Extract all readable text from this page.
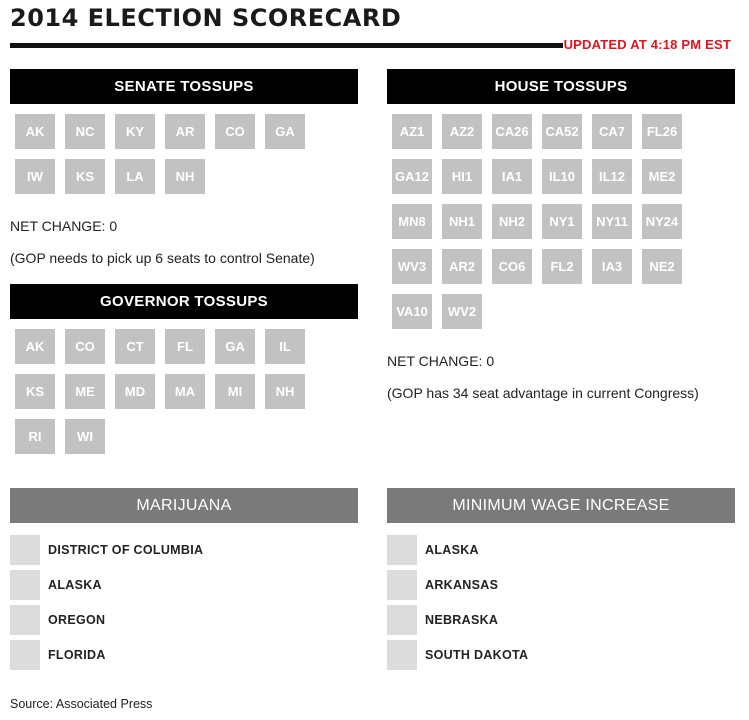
2014 ELECTION SCORECARD
UPDATED AT 4:18 PM EST
SENATE TOSSUPS
AK	NC	KY	AR	CO	GA
IW	KS	LA	NH
NET CHANGE: 0
(GOP needs to pick up 6 seats to control Senate)
GOVERNOR TOSSUPS
AK	CO	CT	FL	GA	IL
KS	ME	MD	MA	MI	NH
RI	WI
HOUSE TOSSUPS
AZ1	AZ2	CA26 CA52	CA7	FL26
GA12	HI1	IA1	IL10	IL12	ME2
MN8	NH1	NH2	NY1	NY11	NY24
WV3	AR2	CO6	FL2	IA3	NE2
VA10	WV2
NET CHANGE: 0
(GOP has 34 seat advantage in current Congress)
MARIJUANA
DISTRICT OF COLUMBIA
ALASKA
OREGON
FLORIDA
MINIMUM WAGE INCREASE
ALASKA
ARKANSAS
NEBRASKA
SOUTH DAKOTA
Source: Associated Press
